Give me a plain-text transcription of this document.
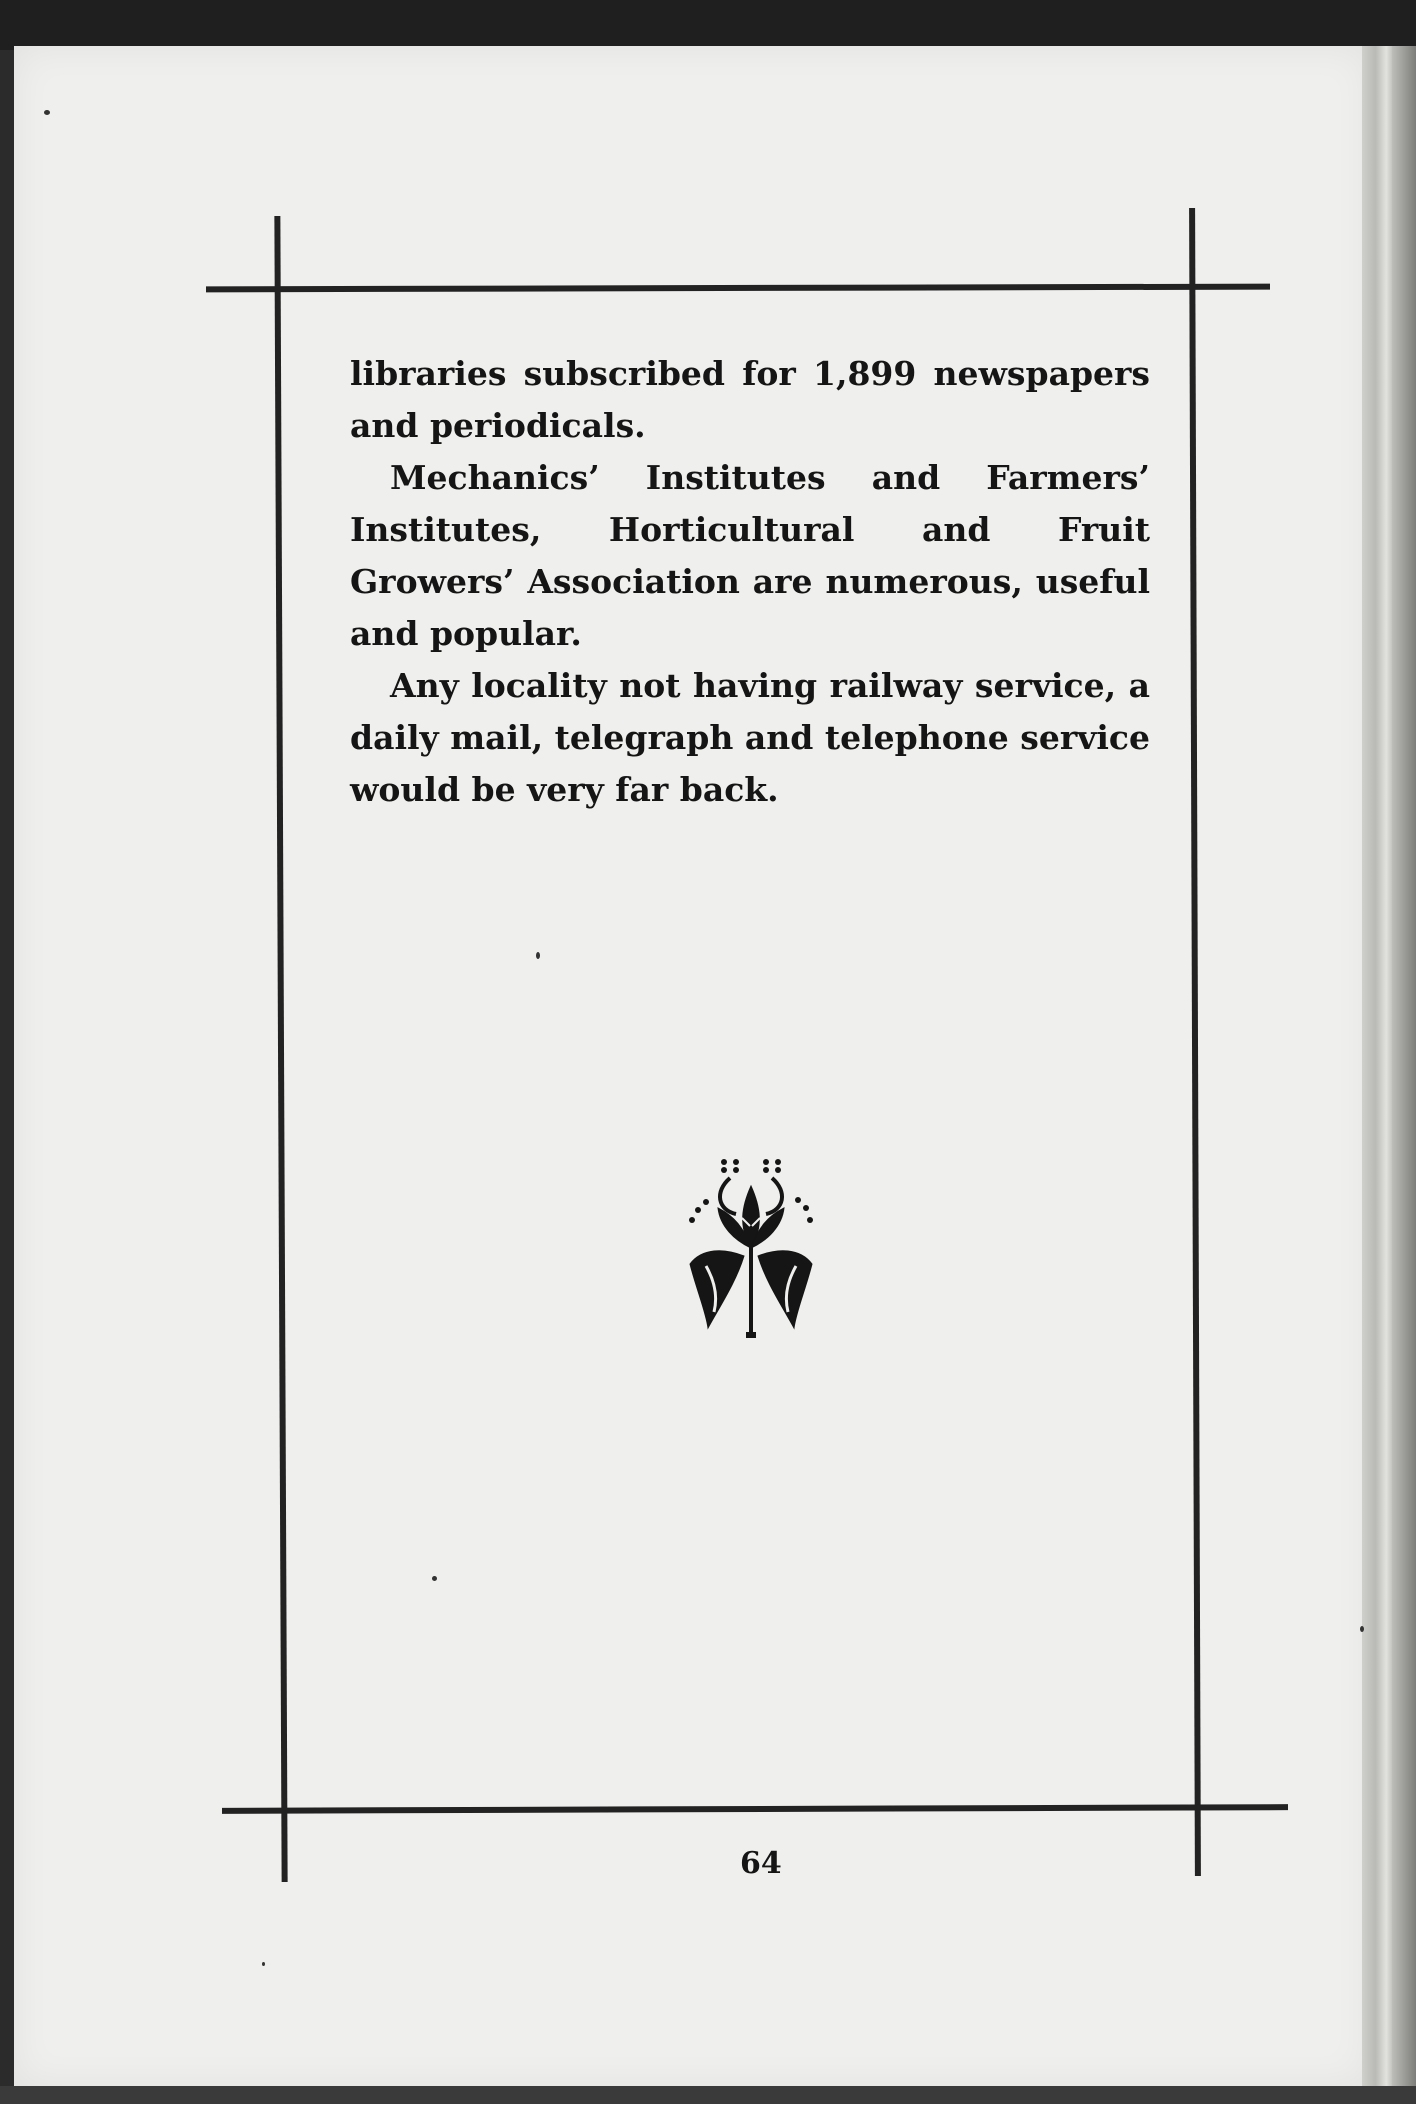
libraries subscribed for 1,899 newspapers and periodicals.

Mechanics’ Institutes and Farmers’ Institutes, Horticultural and Fruit Growers’ Association are numerous, useful and popular.

Any locality not having railway service, a daily mail, telegraph and telephone service would be very far back.

64
